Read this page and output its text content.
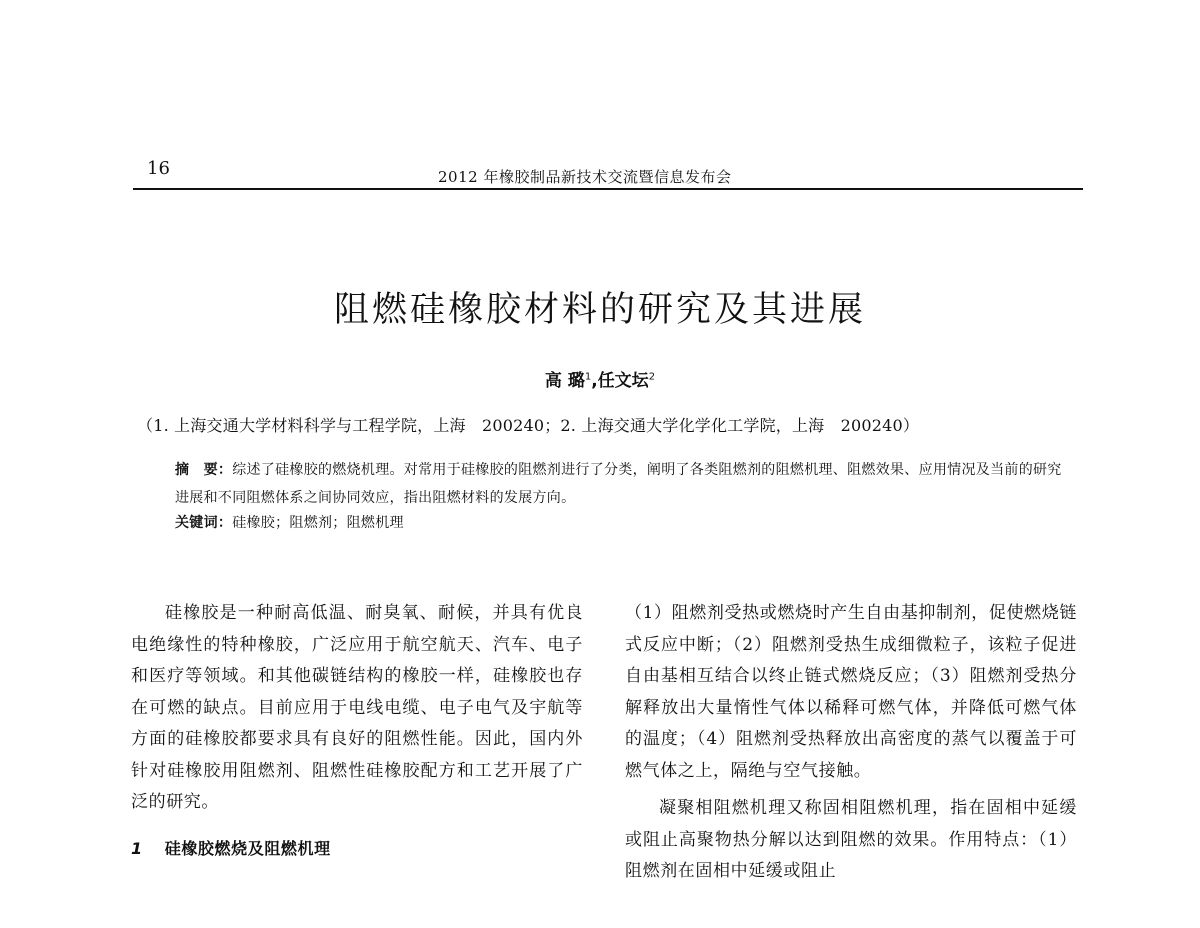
16	2012 年橡胶制品新技术交流暨信息发布会
阻燃硅橡胶材料的研究及其进展
高 璐$^1$,任文坛$^2$
（1. 上海交通大学材料科学与工程学院，上海　200240；2. 上海交通大学化学化工学院，上海　200240）
摘　要：综述了硅橡胶的燃烧机理。对常用于硅橡胶的阻燃剂进行了分类，阐明了各类阻燃剂的阻燃机理、阻燃效果、应用情况及当前的研究进展和不同阻燃体系之间协同效应，指出阻燃材料的发展方向。
关键词：硅橡胶；阻燃剂；阻燃机理

硅橡胶是一种耐高低温、耐臭氧、耐候，并具有优良电绝缘性的特种橡胶，广泛应用于航空航天、汽车、电子和医疗等领域。和其他碳链结构的橡胶一样，硅橡胶也存在可燃的缺点。目前应用于电线电缆、电子电气及宇航等方面的硅橡胶都要求具有良好的阻燃性能。因此，国内外针对硅橡胶用阻燃剂、阻燃性硅橡胶配方和工艺开展了广泛的研究。

1 硅橡胶燃烧及阻燃机理

（1）阻燃剂受热或燃烧时产生自由基抑制剂，促使燃烧链式反应中断；（2）阻燃剂受热生成细微粒子，该粒子促进自由基相互结合以终止链式燃烧反应；（3）阻燃剂受热分解释放出大量惰性气体以稀释可燃气体，并降低可燃气体的温度；（4）阻燃剂受热释放出高密度的蒸气以覆盖于可燃气体之上，隔绝与空气接触。

凝聚相阻燃机理又称固相阻燃机理，指在固相中延缓或阻止高聚物热分解以达到阻燃的效果。作用特点：（1）阻燃剂在固相中延缓或阻止
